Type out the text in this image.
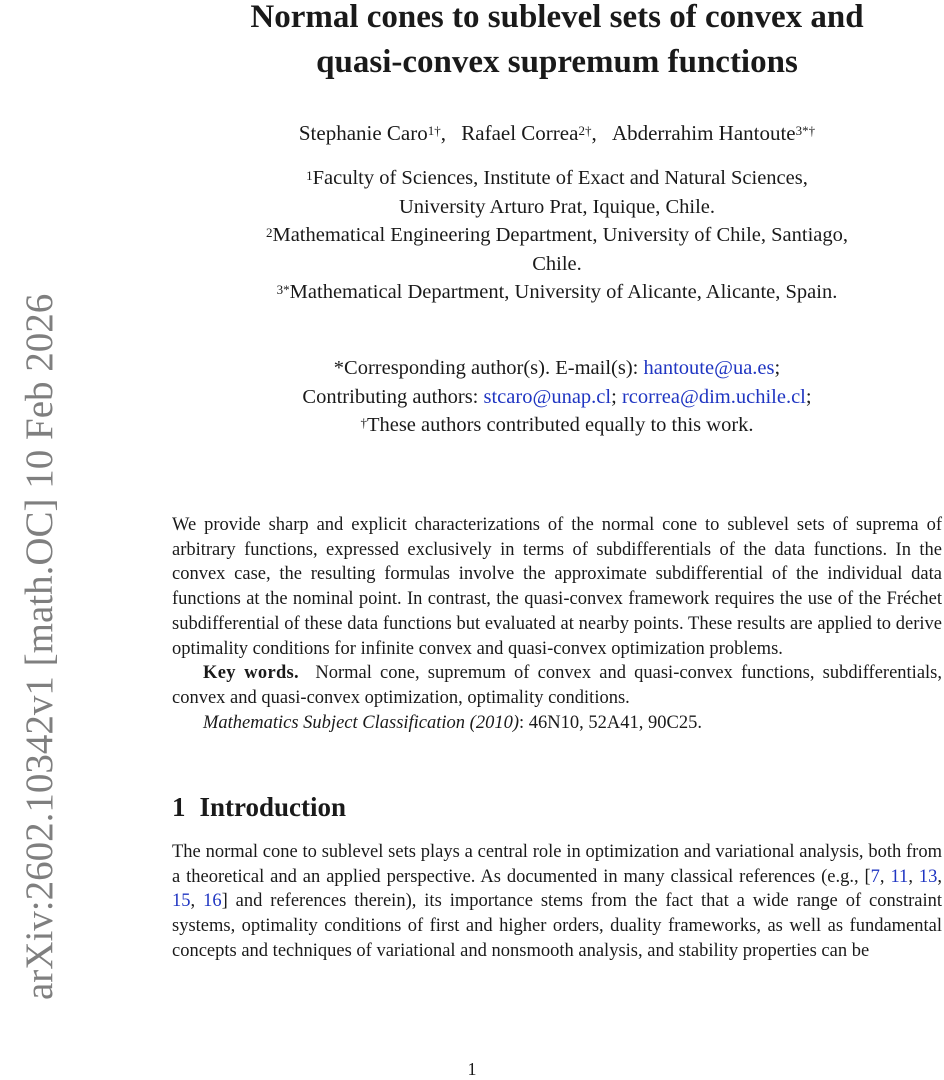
arXiv:2602.10342v1 [math.OC] 10 Feb 2026
Normal cones to sublevel sets of convex and
quasi-convex supremum functions
Stephanie Caro$^{1\dagger}$, Rafael Correa$^{2\dagger}$, Abderrahim Hantoute$^{3*\dagger}$
$^1$Faculty of Sciences, Institute of Exact and Natural Sciences,
University Arturo Prat, Iquique, Chile.
$^2$Mathematical Engineering Department, University of Chile, Santiago,
Chile.
$^{3*}$Mathematical Department, University of Alicante, Alicante, Spain.
*Corresponding author(s). E-mail(s): hantoute@ua.es;
Contributing authors: stcaro@unap.cl; rcorrea@dim.uchile.cl;
†These authors contributed equally to this work.

We provide sharp and explicit characterizations of the normal cone to sublevel sets of suprema of arbitrary functions, expressed exclusively in terms of subdifferentials of the data functions. In the convex case, the resulting formulas involve the approximate subdifferential of the individual data functions at the nominal point. In contrast, the quasi-convex framework requires the use of the Fréchet subdifferential of these data functions but evaluated at nearby points. These results are applied to derive optimality conditions for infinite convex and quasi-convex optimization problems.

Key words. Normal cone, supremum of convex and quasi-convex functions, subdifferentials, convex and quasi-convex optimization, optimality conditions.

Mathematics Subject Classification (2010): 46N10, 52A41, 90C25.

1 Introduction

The normal cone to sublevel sets plays a central role in optimization and variational analysis, both from a theoretical and an applied perspective. As documented in many classical references (e.g., [7, 11, 13, 15, 16] and references therein), its importance stems from the fact that a wide range of constraint systems, optimality conditions of first and higher orders, duality frameworks, as well as fundamental concepts and techniques of variational and nonsmooth analysis, and stability properties can be

1
